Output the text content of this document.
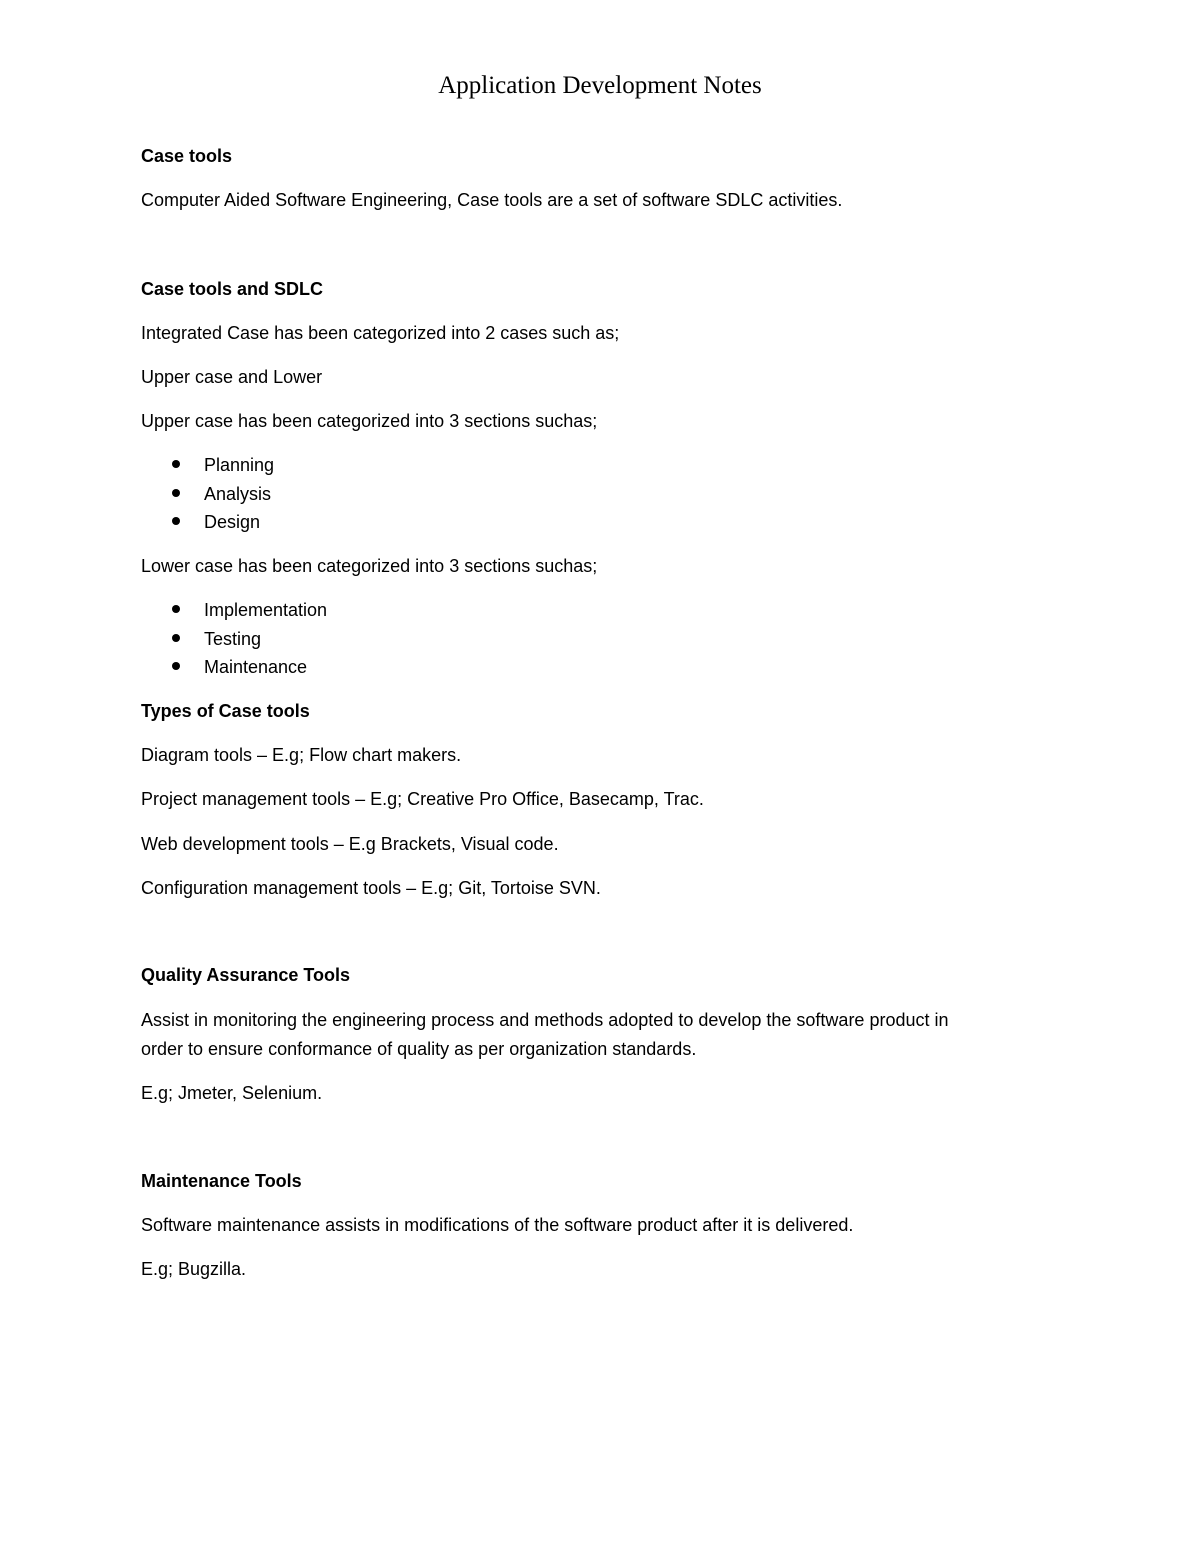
Application Development Notes

Case tools

Computer Aided Software Engineering, Case tools are a set of software SDLC activities.

Case tools and SDLC

Integrated Case has been categorized into 2 cases such as;

Upper case and Lower

Upper case has been categorized into 3 sections suchas;

Planning
Analysis
Design

Lower case has been categorized into 3 sections suchas;

Implementation
Testing
Maintenance

Types of Case tools

Diagram tools – E.g; Flow chart makers.

Project management tools – E.g; Creative Pro Office, Basecamp, Trac.

Web development tools – E.g Brackets, Visual code.

Configuration management tools – E.g; Git, Tortoise SVN.

Quality Assurance Tools

Assist in monitoring the engineering process and methods adopted to develop the software product in

order to ensure conformance of quality as per organization standards.

E.g; Jmeter, Selenium.

Maintenance Tools

Software maintenance assists in modifications of the software product after it is delivered.

E.g; Bugzilla.
